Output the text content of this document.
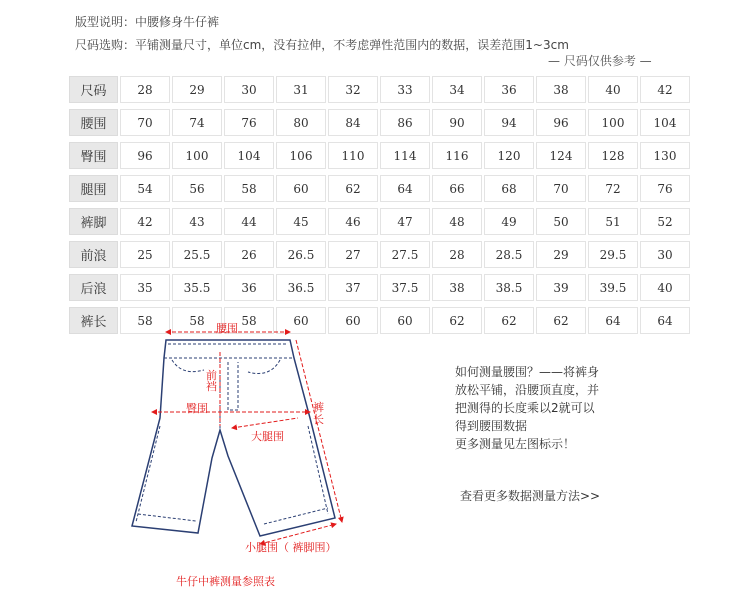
版型说明：中腰修身牛仔裤
尺码选购：平铺测量尺寸，单位cm，没有拉伸，不考虑弹性范围内的数据，误差范围1~3cm
— 尺码仅供参考 —
尺码	28	29	30	31	32	33	34	36	38	40	42
腰围	70	74	76	80	84	86	90	94	96	100	104
臀围	96	100	104	106	110	114	116	120	124	128	130
腿围	54	56	58	60	62	64	66	68	70	72	76
裤脚	42	43	44	45	46	47	48	49	50	51	52
前浪	25	25.5	26	26.5	27	27.5	28	28.5	29	29.5	30
后浪	35	35.5	36	36.5	37	37.5	38	38.5	39	39.5	40
裤长	58	58	58	60	60	60	62	62	62	64	64
腰围
前裆
臀围	裤长
大腿围
小腿围（ 裤脚围）
牛仔中裤测量参照表
如何测量腰围？——将裤身
放松平铺，沿腰顶直度，并
把测得的长度乘以2就可以
得到腰围数据
更多测量见左图标示！
查看更多数据测量方法>>
